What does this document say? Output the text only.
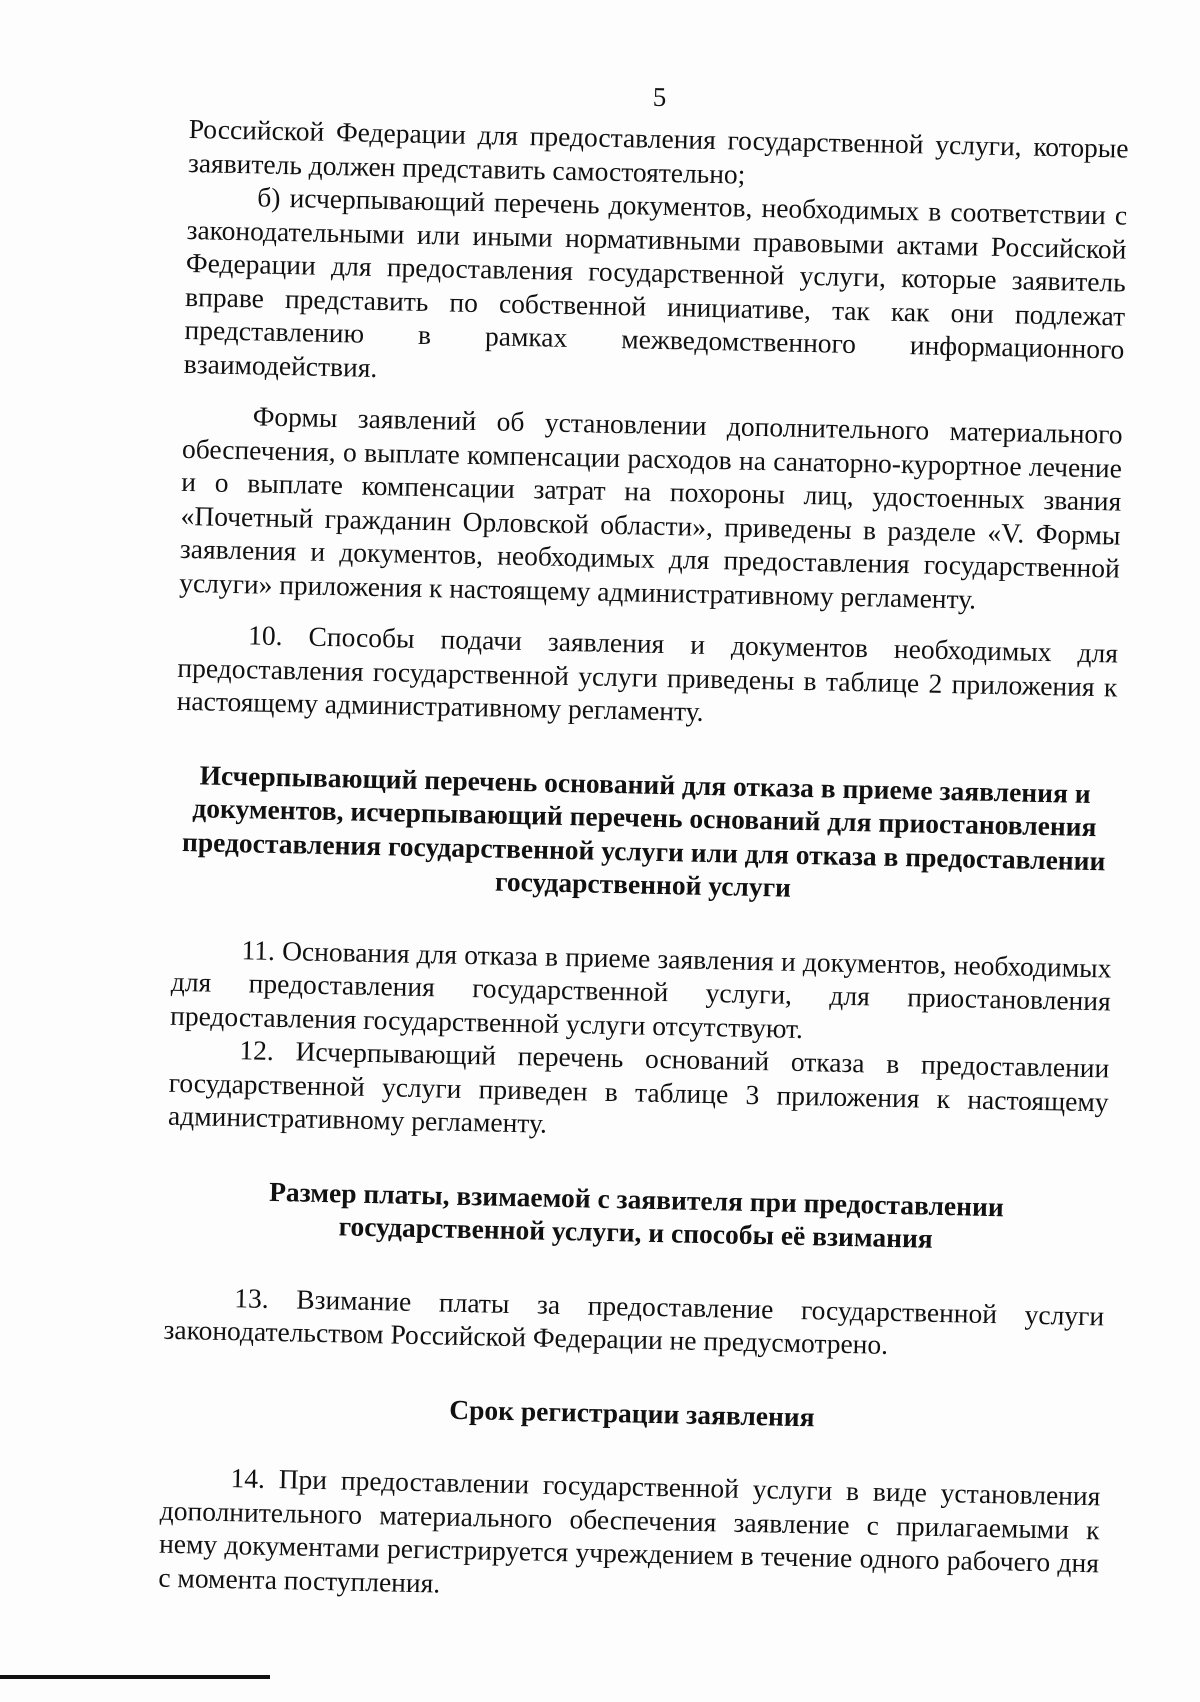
5

Российской Федерации для предоставления государственной услуги, которые заявитель должен представить самостоятельно;

б) исчерпывающий перечень документов, необходимых в соответствии с законодательными или иными нормативными правовыми актами Российской Федерации для предоставления государственной услуги, которые заявитель вправе представить по собственной инициативе, так как они подлежат представлению в рамках межведомственного информационного взаимодействия.

Формы заявлений об установлении дополнительного материального обеспечения, о выплате компенсации расходов на санаторно-курортное лечение и о выплате компенсации затрат на похороны лиц, удостоенных звания «Почетный гражданин Орловской области», приведены в разделе «V. Формы заявления и документов, необходимых для предоставления государственной услуги» приложения к настоящему административному регламенту.

10. Способы подачи заявления и документов необходимых для предоставления государственной услуги приведены в таблице 2 приложения к настоящему административному регламенту.

Исчерпывающий перечень оснований для отказа в приеме заявления и документов, исчерпывающий перечень оснований для приостановления предоставления государственной услуги или для отказа в предоставлении государственной услуги

11. Основания для отказа в приеме заявления и документов, необходимых для предоставления государственной услуги, для приостановления предоставления государственной услуги отсутствуют.

12. Исчерпывающий перечень оснований отказа в предоставлении государственной услуги приведен в таблице 3 приложения к настоящему административному регламенту.

Размер платы, взимаемой с заявителя при предоставлении государственной услуги, и способы её взимания

13. Взимание платы за предоставление государственной услуги законодательством Российской Федерации не предусмотрено.

Срок регистрации заявления

14. При предоставлении государственной услуги в виде установления дополнительного материального обеспечения заявление с прилагаемыми к нему документами регистрируется учреждением в течение одного рабочего дня с момента поступления.
